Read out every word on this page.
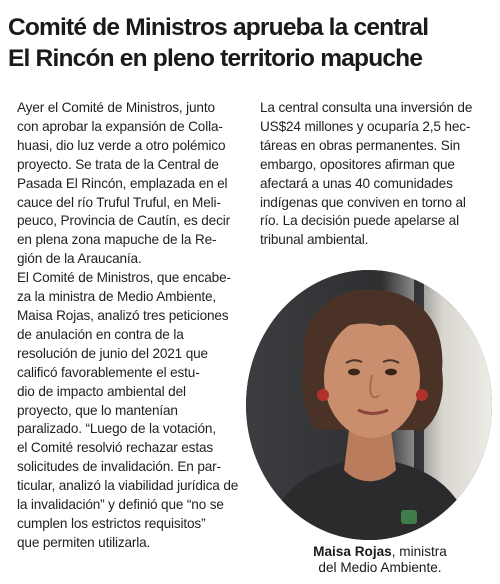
Comité de Ministros aprueba la central
El Rincón en pleno territorio mapuche
Ayer el Comité de Ministros, junto
con aprobar la expansión de Colla-
huasi, dio luz verde a otro polémico
proyecto. Se trata de la Central de
Pasada El Rincón, emplazada en el
cauce del río Truful Truful, en Meli-
peuco, Provincia de Cautín, es decir
en plena zona mapuche de la Re-
gión de la Araucanía.
El Comité de Ministros, que encabe-
za la ministra de Medio Ambiente,
Maisa Rojas, analizó tres peticiones
de anulación en contra de la
resolución de junio del 2021 que
calificó favorablemente el estu-
dio de impacto ambiental del
proyecto, que lo mantenían
paralizado. “Luego de la votación,
el Comité resolvió rechazar estas
solicitudes de invalidación. En par-
ticular, analizó la viabilidad jurídica de
la invalidación” y definió que “no se
cumplen los estrictos requisitos”
que permiten utilizarla.
La central consulta una inversión de
US$24 millones y ocuparía 2,5 hec-
táreas en obras permanentes. Sin
embargo, opositores afirman que
afectará a unas 40 comunidades
indígenas que conviven en torno al
río. La decisión puede apelarse al
tribunal ambiental.
Maisa Rojas, ministra
del Medio Ambiente.
